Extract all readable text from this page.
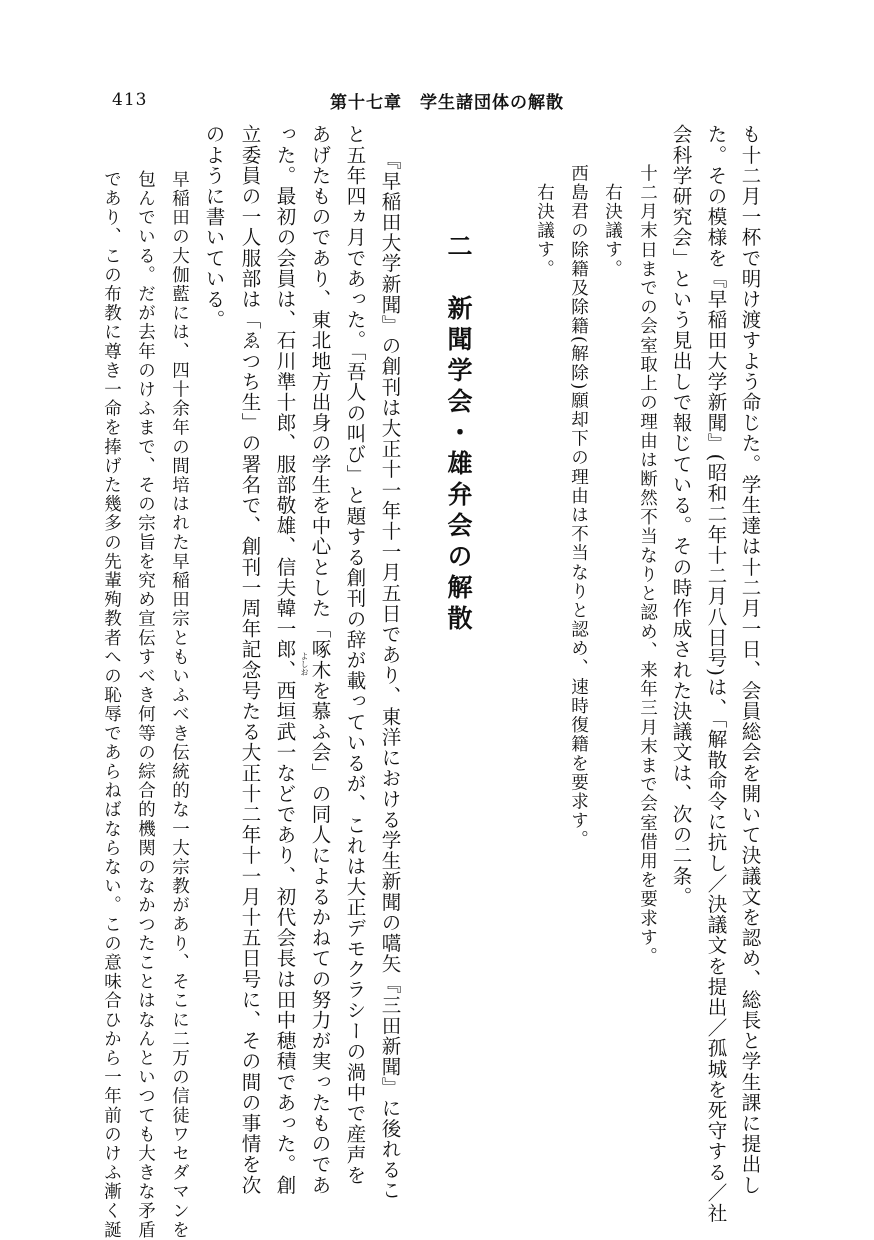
413	第十七章　学生諸団体の解散
も十二月一杯で明け渡すよう命じた。学生達は十二月一日、会員総会を開いて決議文を認め、総長と学生課に提出し
た。その模様を『早稲田大学新聞』(昭和二年十二月八日号)は、「解散命令に抗し／決議文を提出／孤城を死守する／社
会科学研究会」という見出しで報じている。その時作成された決議文は、次の二条。
十二月末日までの会室取上の理由は断然不当なりと認め、来年三月末まで会室借用を要求す。
右決議す。
西島君の除籍及除籍(解除)願却下の理由は不当なりと認め、速時復籍を要求す。
右決議す。
二　新聞学会・雄弁会の解散
『早稲田大学新聞』の創刊は大正十一年十一月五日であり、東洋における学生新聞の嚆矢『三田新聞』に後れるこ
と五年四ヵ月であった。「吾人の叫び」と題する創刊の辞が載っているが、これは大正デモクラシーの渦中で産声を
あげたものであり、東北地方出身の学生を中心とした「啄木を慕ふ会」の同人によるかねての努力が実ったものであ
った。最初の会員は、石川準十郎、服部敬雄、信夫韓一郎、西垣武一などであり、初代会長は田中穂積であった。創
立委員の一人服部は「ゑつち生」の署名で、創刊一周年記念号たる大正十二年十一月十五日号に、その間の事情を次
のように書いている。
早稲田の大伽藍には、四十余年の間培はれた早稲田宗ともいふべき伝統的な一大宗教があり、そこに二万の信徒ワセダマンを
包んでいる。だが去年のけふまで、その宗旨を究め宣伝すべき何等の綜合的機関のなかつたことはなんといつても大きな矛盾
であり、この布教に尊き一命を捧げた幾多の先輩殉教者への恥辱であらねばならない。この意味合ひから一年前のけふ漸く誕	よしお
